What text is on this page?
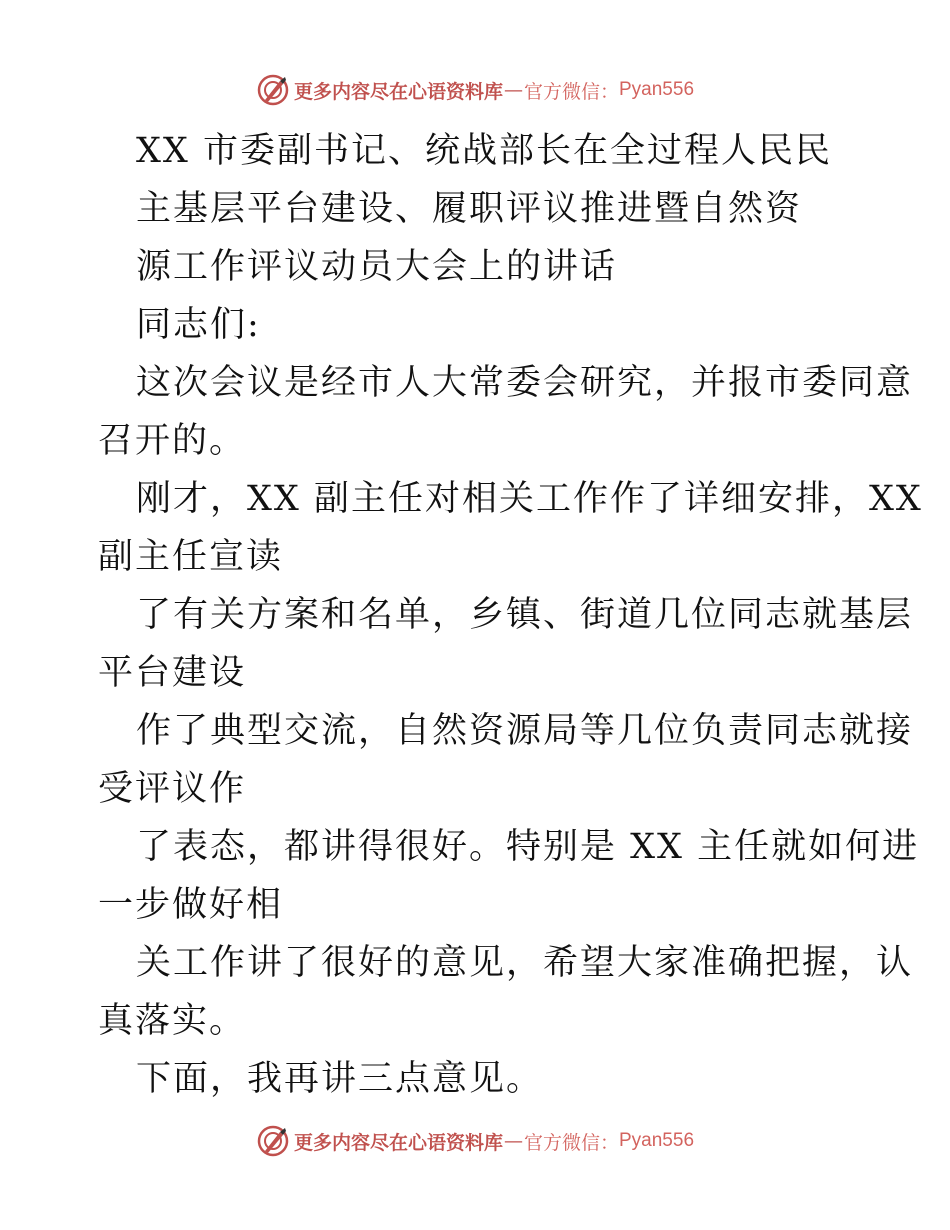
更多内容尽在心语资料库 — 官方微信： Pyan556
XX 市委副书记、统战部长在全过程人民民
主基层平台建设、履职评议推进暨自然资
源工作评议动员大会上的讲话
同志们:
这次会议是经市人大常委会研究，并报市委同意
召开的。
刚才，XX 副主任对相关工作作了详细安排，XX
副主任宣读
了有关方案和名单，乡镇、街道几位同志就基层
平台建设
作了典型交流，自然资源局等几位负责同志就接
受评议作
了表态，都讲得很好。特别是 XX 主任就如何进
一步做好相
关工作讲了很好的意见，希望大家准确把握，认
真落实。
下面，我再讲三点意见。
更多内容尽在心语资料库 — 官方微信： Pyan556
